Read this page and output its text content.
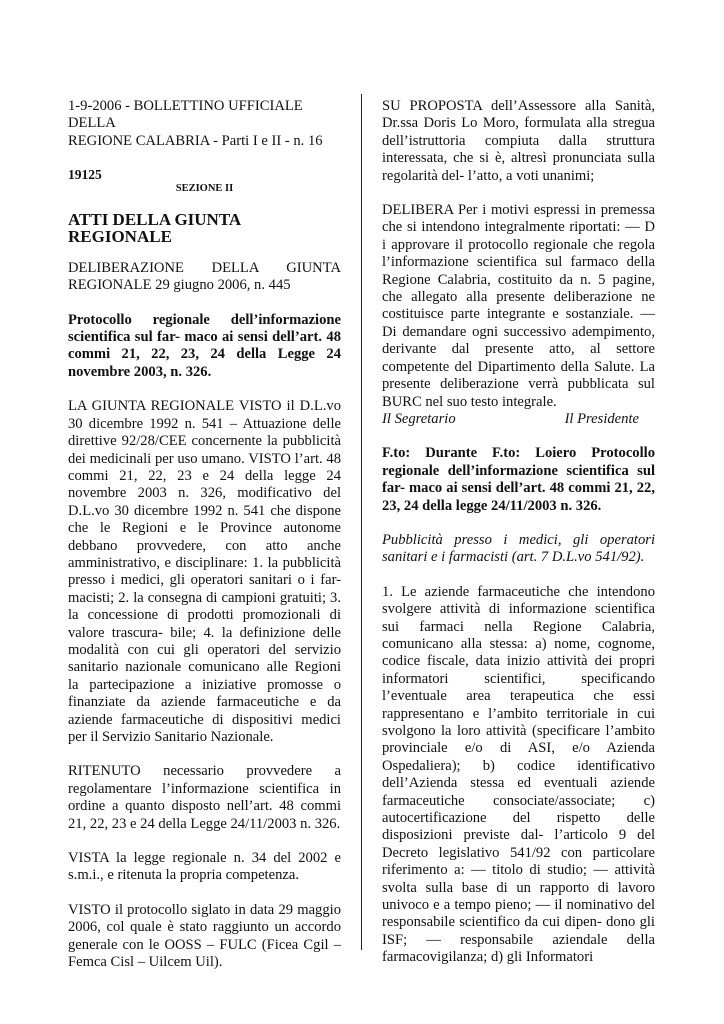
1-9-2006 - BOLLETTINO UFFICIALE DELLA
REGIONE CALABRIA - Parti I e II - n. 16

19125

SEZIONE II

ATTI DELLA GIUNTA REGIONALE

DELIBERAZIONE DELLA GIUNTA REGIONALE 29 giugno 2006, n. 445

Protocollo regionale dell’informazione scientifica sul far- maco ai sensi dell’art. 48 commi 21, 22, 23, 24 della Legge 24 novembre 2003, n. 326.

LA GIUNTA REGIONALE VISTO il D.L.vo 30 dicembre 1992 n. 541 – Attuazione delle direttive 92/28/CEE concernente la pubblicità dei medicinali per uso umano. VISTO l’art. 48 commi 21, 22, 23 e 24 della legge 24 novembre 2003 n. 326, modificativo del D.L.vo 30 dicembre 1992 n. 541 che dispone che le Regioni e le Province autonome debbano provvedere, con atto anche amministrativo, e disciplinare: 1. la pubblicità presso i medici, gli operatori sanitari o i far- macisti; 2. la consegna di campioni gratuiti; 3. la concessione di prodotti promozionali di valore trascura- bile; 4. la definizione delle modalità con cui gli operatori del servizio sanitario nazionale comunicano alle Regioni la partecipazione a iniziative promosse o finanziate da aziende farmaceutiche e da aziende farmaceutiche di dispositivi medici per il Servizio Sanitario Nazionale.

RITENUTO necessario provvedere a regolamentare l’informazione scientifica in ordine a quanto disposto nell’art. 48 commi 21, 22, 23 e 24 della Legge 24/11/2003 n. 326.

VISTA la legge regionale n. 34 del 2002 e s.m.i., e ritenuta la propria competenza.

VISTO il protocollo siglato in data 29 maggio 2006, col quale è stato raggiunto un accordo generale con le OOSS – FULC (Ficea Cgil – Femca Cisl – Uilcem Uil).

SU PROPOSTA dell’Assessore alla Sanità, Dr.ssa Doris Lo Moro, formulata alla stregua dell’istruttoria compiuta dalla struttura interessata, che si è, altresì pronunciata sulla regolarità del- l’atto, a voti unanimi;

DELIBERA Per i motivi espressi in premessa che si intendono integralmente riportati: — D i approvare il protocollo regionale che regola l’informazione scientifica sul farmaco della Regione Calabria, costituito da n. 5 pagine, che allegato alla presente deliberazione ne costituisce parte integrante e sostanziale. — Di demandare ogni successivo adempimento, derivante dal presente atto, al settore competente del Dipartimento della Salute. La presente deliberazione verrà pubblicata sul BURC nel suo testo integrale.

Il Segretario	Il Presidente

F.to: Durante F.to: Loiero Protocollo regionale dell’informazione scientifica sul far- maco ai sensi dell’art. 48 commi 21, 22, 23, 24 della legge 24/11/2003 n. 326.

Pubblicità presso i medici, gli operatori sanitari e i farmacisti (art. 7 D.L.vo 541/92).

1. Le aziende farmaceutiche che intendono svolgere attività di informazione scientifica sui farmaci nella Regione Calabria, comunicano alla stessa: a) nome, cognome, codice fiscale, data inizio attività dei propri informatori scientifici, specificando l’eventuale area terapeutica che essi rappresentano e l’ambito territoriale in cui svolgono la loro attività (specificare l’ambito provinciale e/o di ASI, e/o Azienda Ospedaliera); b) codice identificativo dell’Azienda stessa ed eventuali aziende farmaceutiche consociate/associate; c) autocertificazione del rispetto delle disposizioni previste dal- l’articolo 9 del Decreto legislativo 541/92 con particolare riferimento a: — titolo di studio; — attività svolta sulla base di un rapporto di lavoro univoco e a tempo pieno; — il nominativo del responsabile scientifico da cui dipen- dono gli ISF; — responsabile aziendale della farmacovigilanza; d) gli Informatori
